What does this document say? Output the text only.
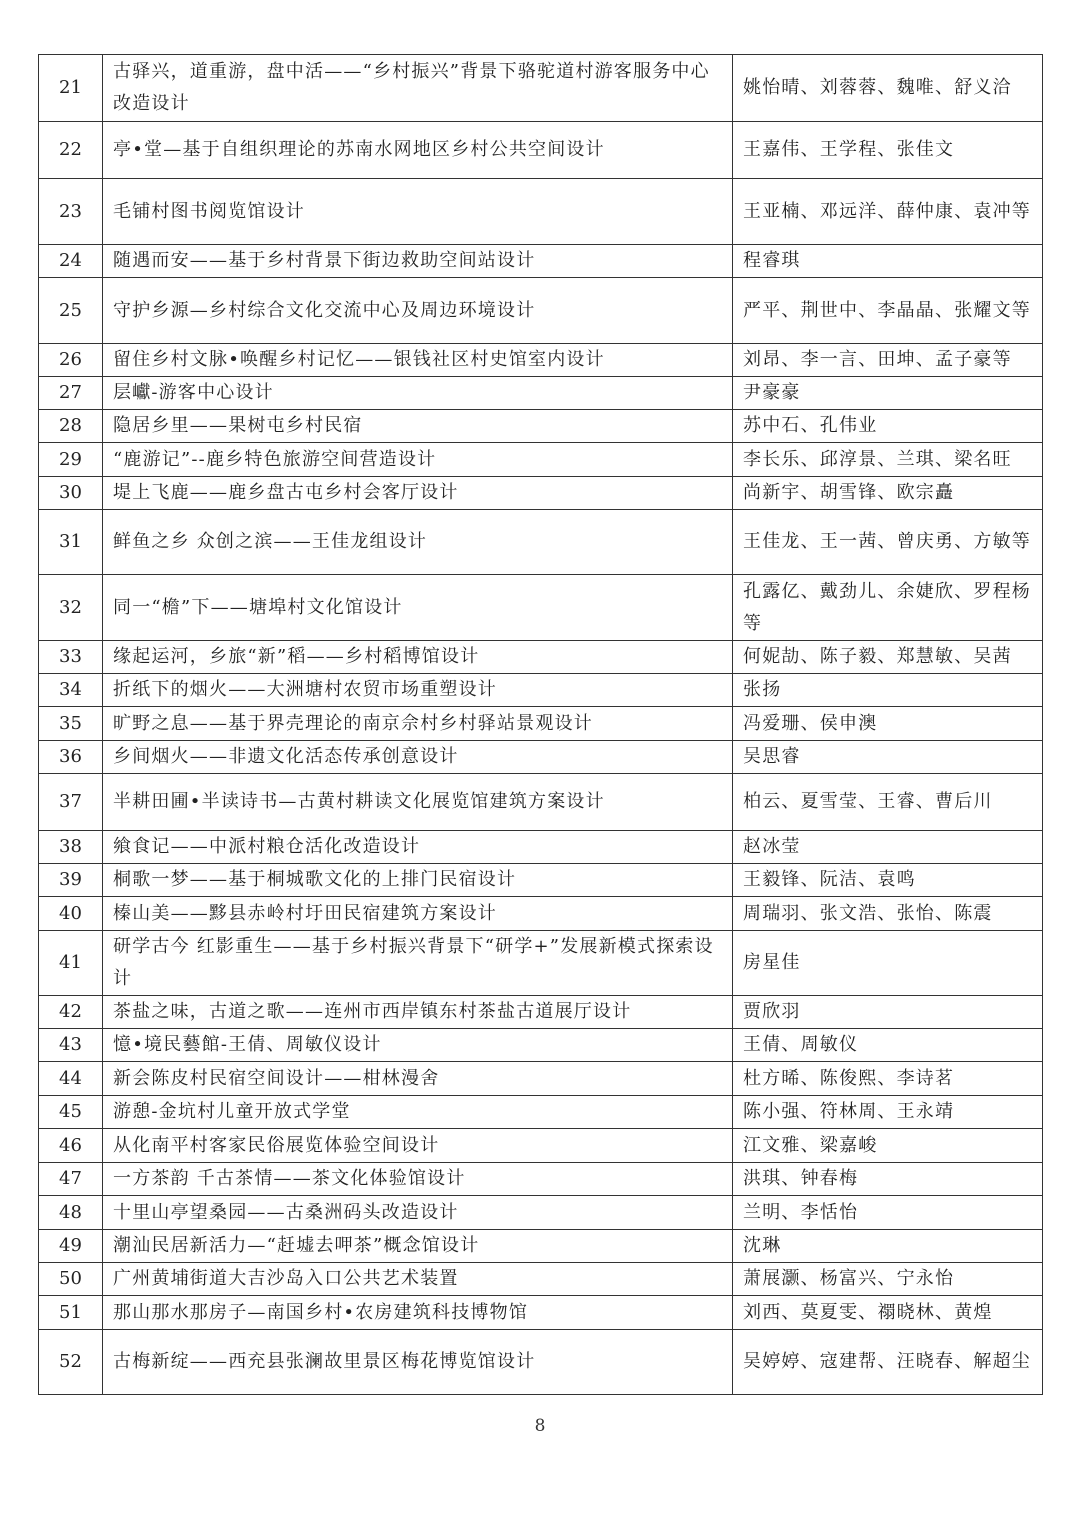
21	古驿兴，道重游，盘中活——“乡村振兴”背景下骆驼道村游客服务中心改造设计	姚怡晴、刘蓉蓉、魏唯、舒义洽
22	亭•堂—基于自组织理论的苏南水网地区乡村公共空间设计	王嘉伟、王学程、张佳文
23	毛铺村图书阅览馆设计	王亚楠、邓远洋、薛仲康、袁冲等
24	随遇而安——基于乡村背景下街边救助空间站设计	程睿琪
25	守护乡源—乡村综合文化交流中心及周边环境设计	严平、荆世中、李晶晶、张耀文等
26	留住乡村文脉•唤醒乡村记忆——银钱社区村史馆室内设计	刘昂、李一言、田坤、孟子豪等
27	层巘-游客中心设计	尹豪豪
28	隐居乡里——果树屯乡村民宿	苏中石、孔伟业
29	“鹿游记”--鹿乡特色旅游空间营造设计	李长乐、邱淳景、兰琪、梁名旺
30	堤上飞鹿——鹿乡盘古屯乡村会客厅设计	尚新宇、胡雪锋、欧宗矗
31	鲜鱼之乡 众创之滨——王佳龙组设计	王佳龙、王一茜、曾庆勇、方敏等
32	同一“檐”下——塘埠村文化馆设计	孔露亿、戴劲儿、余婕欣、罗程杨等
33	缘起运河，乡旅“新”稻——乡村稻博馆设计	何妮劼、陈子毅、郑慧敏、吴茜
34	折纸下的烟火——大洲塘村农贸市场重塑设计	张扬
35	旷野之息——基于界壳理论的南京佘村乡村驿站景观设计	冯爱珊、侯申澳
36	乡间烟火——非遗文化活态传承创意设计	吴思睿
37	半耕田圃•半读诗书—古黄村耕读文化展览馆建筑方案设计	柏云、夏雪莹、王睿、曹后川
38	飨食记——中派村粮仓活化改造设计	赵冰莹
39	桐歌一梦——基于桐城歌文化的上排门民宿设计	王毅锋、阮洁、袁鸣
40	榛山美——黟县赤岭村圩田民宿建筑方案设计	周瑞羽、张文浩、张怡、陈震
41	研学古今 红影重生——基于乡村振兴背景下“研学+”发展新模式探索设计	房星佳
42	茶盐之味，古道之歌——连州市西岸镇东村茶盐古道展厅设计	贾欣羽
43	憶•境民藝館-王倩、周敏仪设计	王倩、周敏仪
44	新会陈皮村民宿空间设计——柑林漫舍	杜方晞、陈俊熙、李诗茗
45	游憩-金坑村儿童开放式学堂	陈小强、符林周、王永靖
46	从化南平村客家民俗展览体验空间设计	江文雅、梁嘉峻
47	一方茶韵 千古茶情——茶文化体验馆设计	洪琪、钟春梅
48	十里山亭望桑园——古桑洲码头改造设计	兰明、李恬怡
49	潮汕民居新活力—“赶墟去呷茶”概念馆设计	沈琳
50	广州黄埔街道大吉沙岛入口公共艺术装置	萧展灏、杨富兴、宁永怡
51	那山那水那房子—南国乡村•农房建筑科技博物馆	刘西、莫夏雯、禤晓林、黄煌
52	古梅新绽——西充县张澜故里景区梅花博览馆设计	吴婷婷、寇建帮、汪晓春、解超尘
8
